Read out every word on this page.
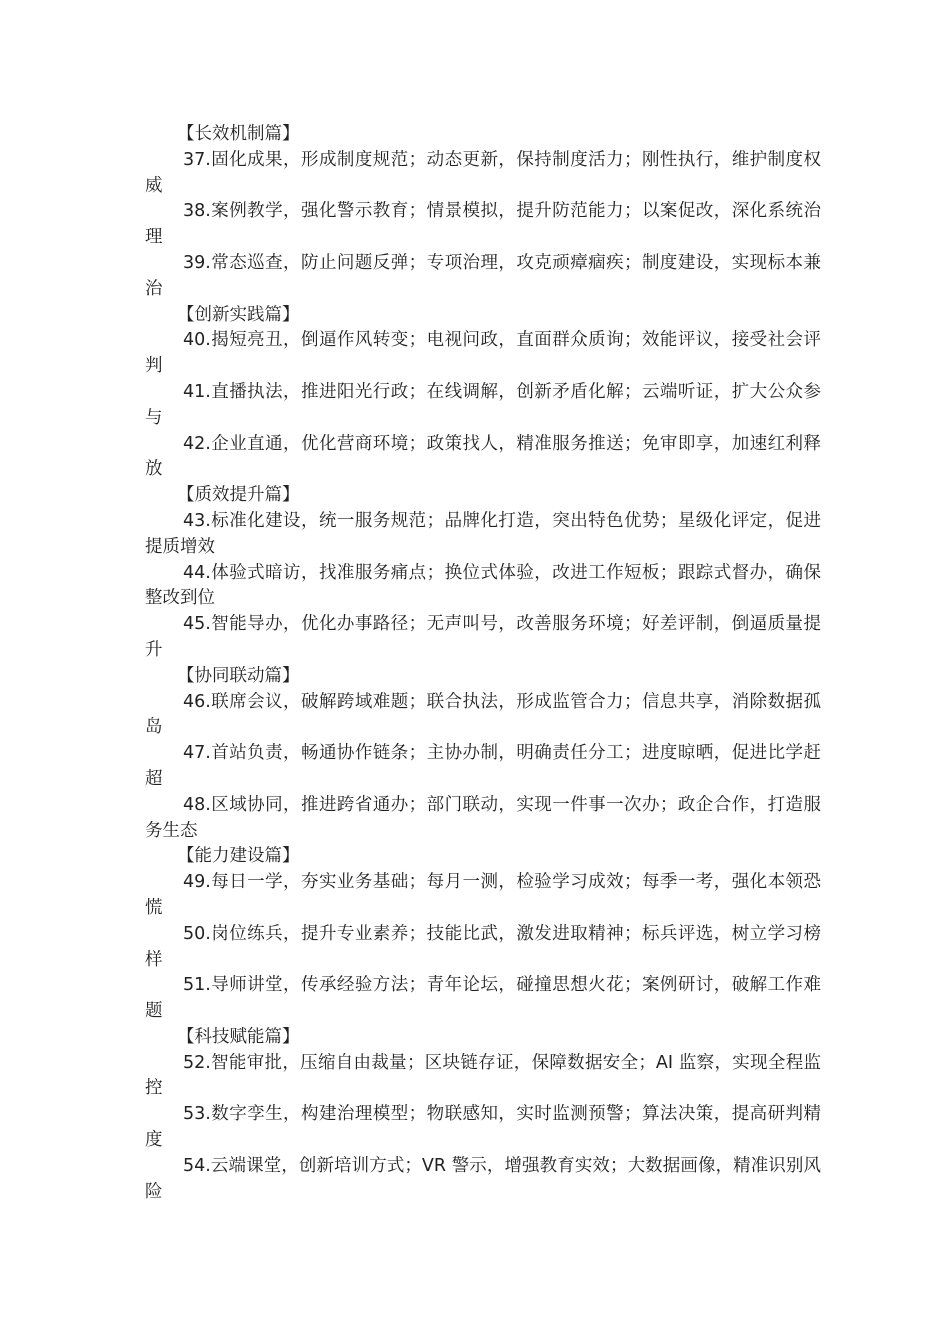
【长效机制篇】

37.固化成果，形成制度规范；动态更新，保持制度活力；刚性执行，维护制度权威

38.案例教学，强化警示教育；情景模拟，提升防范能力；以案促改，深化系统治理

39.常态巡查，防止问题反弹；专项治理，攻克顽瘴痼疾；制度建设，实现标本兼治

【创新实践篇】

40.揭短亮丑，倒逼作风转变；电视问政，直面群众质询；效能评议，接受社会评判

41.直播执法，推进阳光行政；在线调解，创新矛盾化解；云端听证，扩大公众参与

42.企业直通，优化营商环境；政策找人，精准服务推送；免审即享，加速红利释放

【质效提升篇】

43.标准化建设，统一服务规范；品牌化打造，突出特色优势；星级化评定，促进提质增效

44.体验式暗访，找准服务痛点；换位式体验，改进工作短板；跟踪式督办，确保整改到位

45.智能导办，优化办事路径；无声叫号，改善服务环境；好差评制，倒逼质量提升

【协同联动篇】

46.联席会议，破解跨域难题；联合执法，形成监管合力；信息共享，消除数据孤岛

47.首站负责，畅通协作链条；主协办制，明确责任分工；进度晾晒，促进比学赶超

48.区域协同，推进跨省通办；部门联动，实现一件事一次办；政企合作，打造服务生态

【能力建设篇】

49.每日一学，夯实业务基础；每月一测，检验学习成效；每季一考，强化本领恐慌

50.岗位练兵，提升专业素养；技能比武，激发进取精神；标兵评选，树立学习榜样

51.导师讲堂，传承经验方法；青年论坛，碰撞思想火花；案例研讨，破解工作难题

【科技赋能篇】

52.智能审批，压缩自由裁量；区块链存证，保障数据安全；AI 监察，实现全程监控

53.数字孪生，构建治理模型；物联感知，实时监测预警；算法决策，提高研判精度

54.云端课堂，创新培训方式；VR 警示，增强教育实效；大数据画像，精准识别风险
